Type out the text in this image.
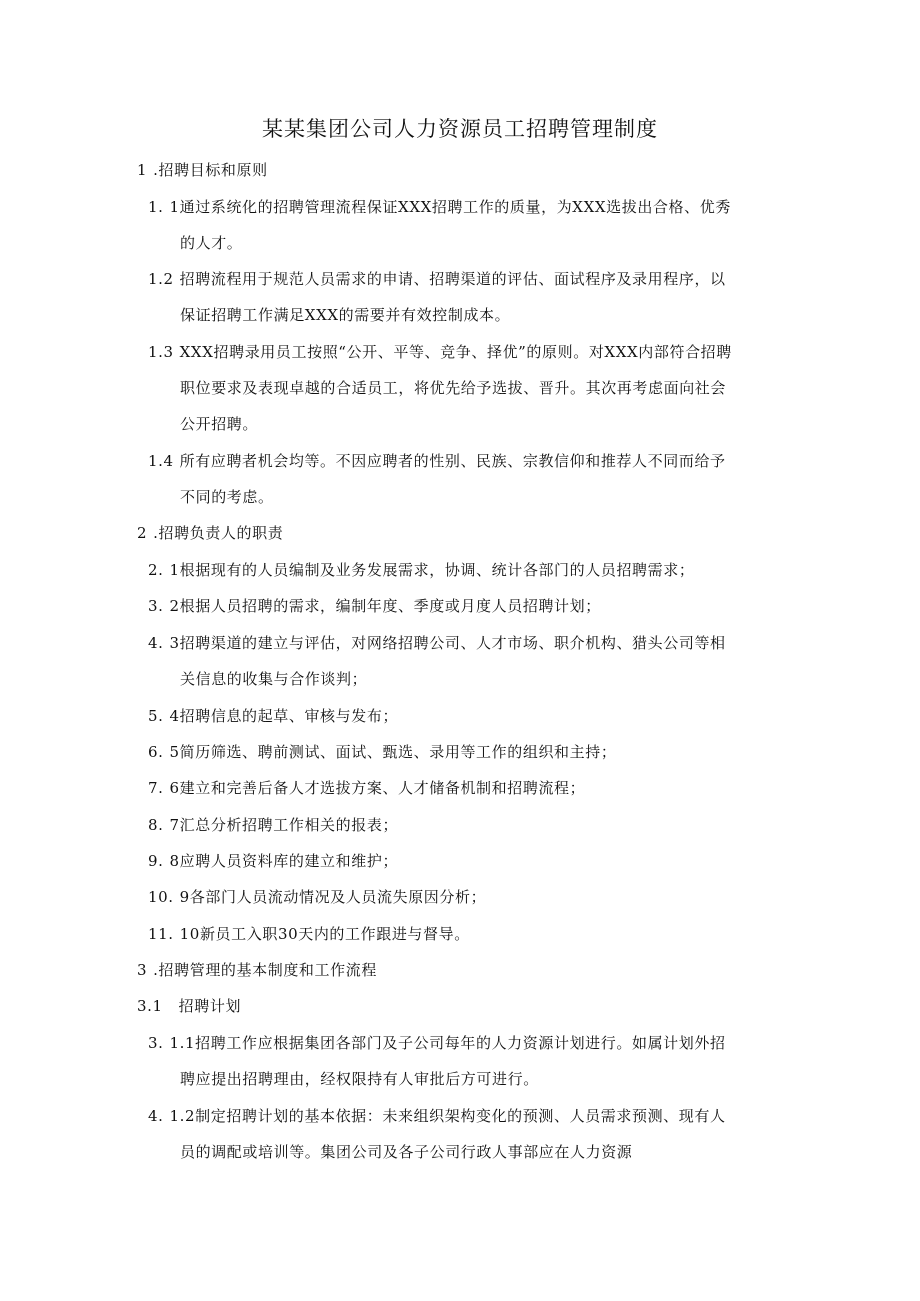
某某集团公司人力资源员工招聘管理制度
1 .招聘目标和原则
1. 1通过系统化的招聘管理流程保证XXX招聘工作的质量，为XXX选拔出合格、优秀
的人才。
1.2 招聘流程用于规范人员需求的申请、招聘渠道的评估、面试程序及录用程序，以
保证招聘工作满足XXX的需要并有效控制成本。
1.3 XXX招聘录用员工按照“公开、平等、竞争、择优”的原则。对XXX内部符合招聘
职位要求及表现卓越的合适员工，将优先给予选拔、晋升。其次再考虑面向社会
公开招聘。
1.4 所有应聘者机会均等。不因应聘者的性别、民族、宗教信仰和推荐人不同而给予
不同的考虑。
2 .招聘负责人的职责
2. 1根据现有的人员编制及业务发展需求，协调、统计各部门的人员招聘需求；
3. 2根据人员招聘的需求，编制年度、季度或月度人员招聘计划；
4. 3招聘渠道的建立与评估，对网络招聘公司、人才市场、职介机构、猎头公司等相
关信息的收集与合作谈判；
5. 4招聘信息的起草、审核与发布；
6. 5简历筛选、聘前测试、面试、甄选、录用等工作的组织和主持；
7. 6建立和完善后备人才选拔方案、人才储备机制和招聘流程；
8. 7汇总分析招聘工作相关的报表；
9. 8应聘人员资料库的建立和维护；
10. 9各部门人员流动情况及人员流失原因分析；
11. 10新员工入职30天内的工作跟进与督导。
3 .招聘管理的基本制度和工作流程
3.1 招聘计划
3. 1.1招聘工作应根据集团各部门及子公司每年的人力资源计划进行。如属计划外招
聘应提出招聘理由，经权限持有人审批后方可进行。
4. 1.2制定招聘计划的基本依据：未来组织架构变化的预测、人员需求预测、现有人
员的调配或培训等。集团公司及各子公司行政人事部应在人力资源
